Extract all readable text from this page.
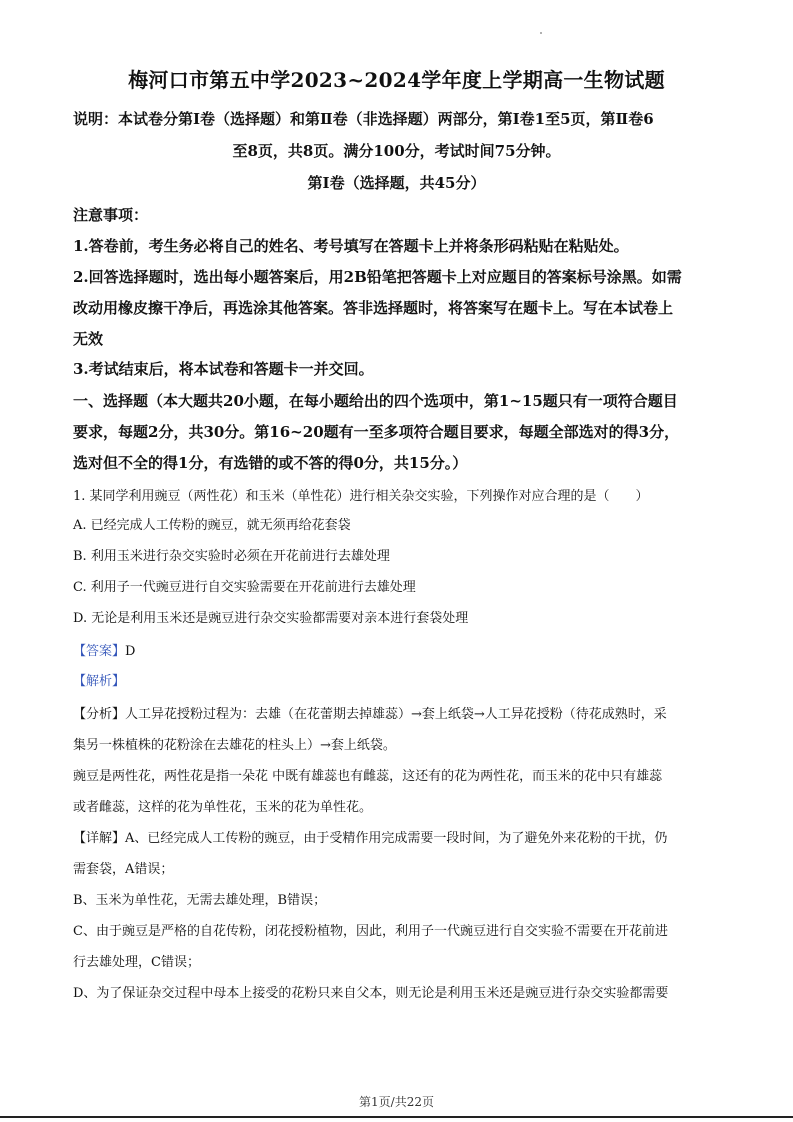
梅河口市第五中学2023~2024学年度上学期高一生物试题
说明：本试卷分第Ⅰ卷（选择题）和第Ⅱ卷（非选择题）两部分，第Ⅰ卷1至5页，第Ⅱ卷6
至8页，共8页。满分100分，考试时间75分钟。
第Ⅰ卷（选择题，共45分）
注意事项：
1.答卷前，考生务必将自己的姓名、考号填写在答题卡上并将条形码粘贴在粘贴处。
2.回答选择题时，选出每小题答案后，用2B铅笔把答题卡上对应题目的答案标号涂黑。如需
改动用橡皮擦干净后，再选涂其他答案。答非选择题时，将答案写在题卡上。写在本试卷上
无效
3.考试结束后，将本试卷和答题卡一并交回。
一、选择题（本大题共20小题，在每小题给出的四个选项中，第1~15题只有一项符合题目
要求，每题2分，共30分。第16~20题有一至多项符合题目要求，每题全部选对的得3分，
选对但不全的得1分，有选错的或不答的得0分，共15分。）
1. 某同学利用豌豆（两性花）和玉米（单性花）进行相关杂交实验，下列操作对应合理的是（　　）
A. 已经完成人工传粉的豌豆，就无须再给花套袋
B. 利用玉米进行杂交实验时必须在开花前进行去雄处理
C. 利用子一代豌豆进行自交实验需要在开花前进行去雄处理
D. 无论是利用玉米还是豌豆进行杂交实验都需要对亲本进行套袋处理
【答案】D
【解析】
【分析】人工异花授粉过程为：去雄（在花蕾期去掉雄蕊）→套上纸袋→人工异花授粉（待花成熟时，采
集另一株植株的花粉涂在去雄花的柱头上）→套上纸袋。
豌豆是两性花，两性花是指一朵花 中既有雄蕊也有雌蕊，这还有的花为两性花，而玉米的花中只有雄蕊
或者雌蕊，这样的花为单性花，玉米的花为单性花。
【详解】A、已经完成人工传粉的豌豆，由于受精作用完成需要一段时间，为了避免外来花粉的干扰，仍
需套袋，A错误；
B、玉米为单性花，无需去雄处理，B错误；
C、由于豌豆是严格的自花传粉，闭花授粉植物，因此，利用子一代豌豆进行自交实验不需要在开花前进
行去雄处理，C错误；
D、为了保证杂交过程中母本上接受的花粉只来自父本，则无论是利用玉米还是豌豆进行杂交实验都需要
第1页/共22页
